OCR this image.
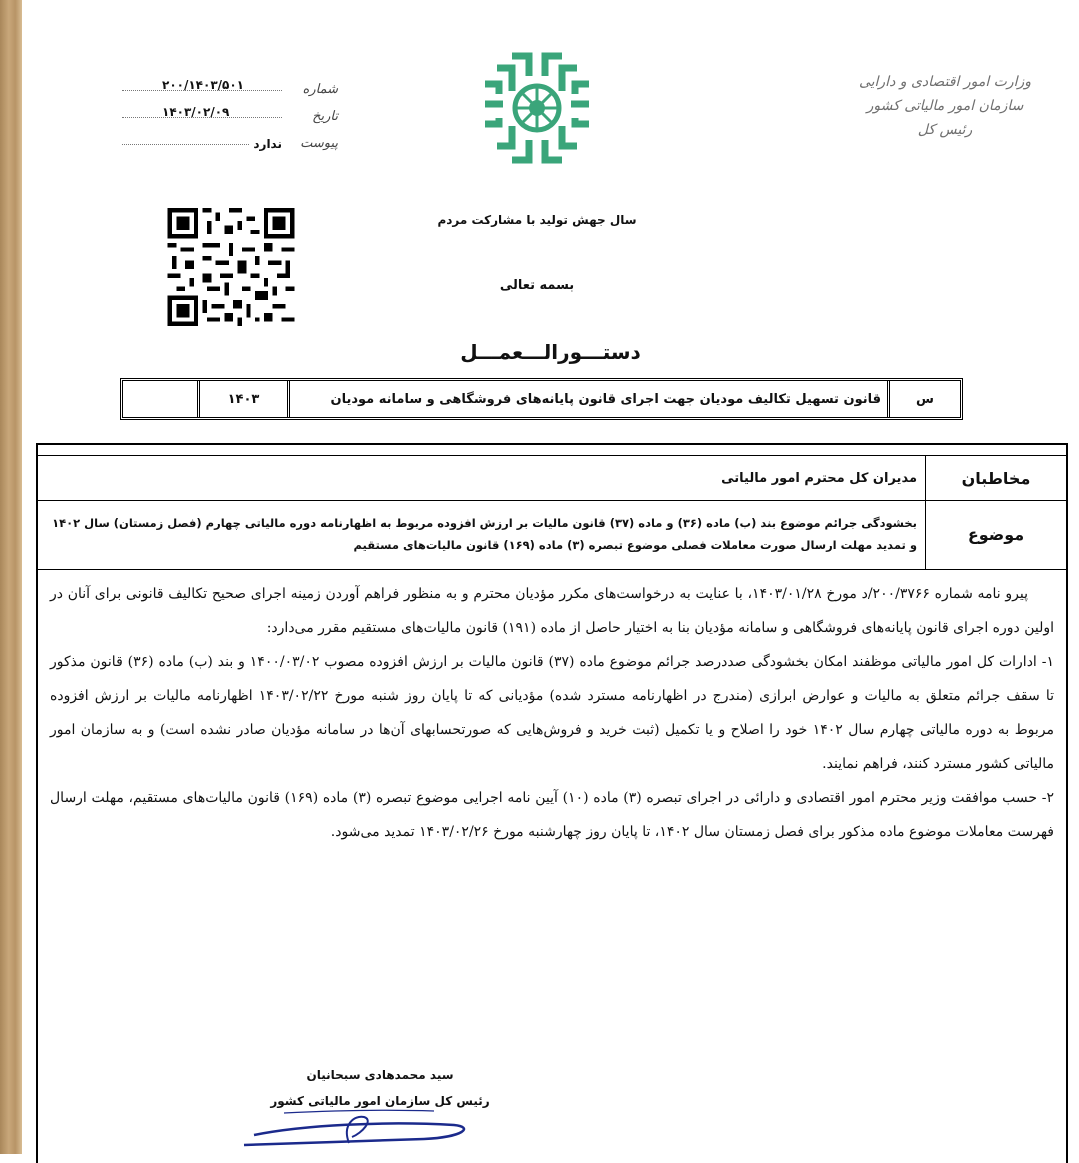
وزارت امور اقتصادی و دارایی
سازمان امور مالیاتی کشور
رئیس کل
سال جهش تولید با مشارکت مردم
بسمه تعالی
شماره
۲۰۰/۱۴۰۳/۵۰۱
تاریخ
۱۴۰۳/۰۲/۰۹
پیوست
ندارد
دستـــورالـــعمـــل
س
قانون تسهیل تکالیف مودیان جهت اجرای قانون پایانه‌های فروشگاهی و سامانه مودیان
۱۴۰۳
مخاطبان
مدیران کل محترم امور مالیاتی
موضوع
بخشودگی جرائم موضوع بند (ب) ماده (۳۶) و ماده (۳۷) قانون مالیات بر ارزش افزوده مربوط به اظهارنامه دوره مالیاتی چهارم (فصل زمستان) سال ۱۴۰۲ و تمدید مهلت ارسال صورت معاملات فصلی موضوع تبصره (۳) ماده (۱۶۹) قانون مالیات‌های مستقیم

پیرو نامه شماره ۲۰۰/۳۷۶۶/د مورخ ۱۴۰۳/۰۱/۲۸، با عنایت به درخواست‌های مکرر مؤدیان محترم و به منظور فراهم آوردن زمینه اجرای صحیح تکالیف قانونی برای آنان در اولین دوره اجرای قانون پایانه‌های فروشگاهی و سامانه مؤدیان بنا به اختیار حاصل از ماده (۱۹۱) قانون مالیات‌های مستقیم مقرر می‌دارد:

۱- ادارات کل امور مالیاتی موظفند امکان بخشودگی صددرصد جرائم موضوع ماده (۳۷) قانون مالیات بر ارزش افزوده مصوب ۱۴۰۰/۰۳/۰۲ و بند (ب) ماده (۳۶) قانون مذکور تا سقف جرائم متعلق به مالیات و عوارض ابرازی (مندرج در اظهارنامه مسترد شده) مؤدیانی که تا پایان روز شنبه مورخ ۱۴۰۳/۰۲/۲۲ اظهارنامه مالیات بر ارزش افزوده مربوط به دوره مالیاتی چهارم سال ۱۴۰۲ خود را اصلاح و یا تکمیل (ثبت خرید و فروش‌هایی که صورتحسابهای آن‌ها در سامانه مؤدیان صادر نشده است) و به سازمان امور مالیاتی کشور مسترد کنند، فراهم نمایند.

۲- حسب موافقت وزیر محترم امور اقتصادی و دارائی در اجرای تبصره (۳) ماده (۱۰) آیین نامه اجرایی موضوع تبصره (۳) ماده (۱۶۹) قانون مالیات‌های مستقیم، مهلت ارسال فهرست معاملات موضوع ماده مذکور برای فصل زمستان سال ۱۴۰۲، تا پایان روز چهارشنبه مورخ ۱۴۰۳/۰۲/۲۶ تمدید می‌شود.

سید محمدهادی سبحانیان
رئیس کل سازمان امور مالیاتی کشور
